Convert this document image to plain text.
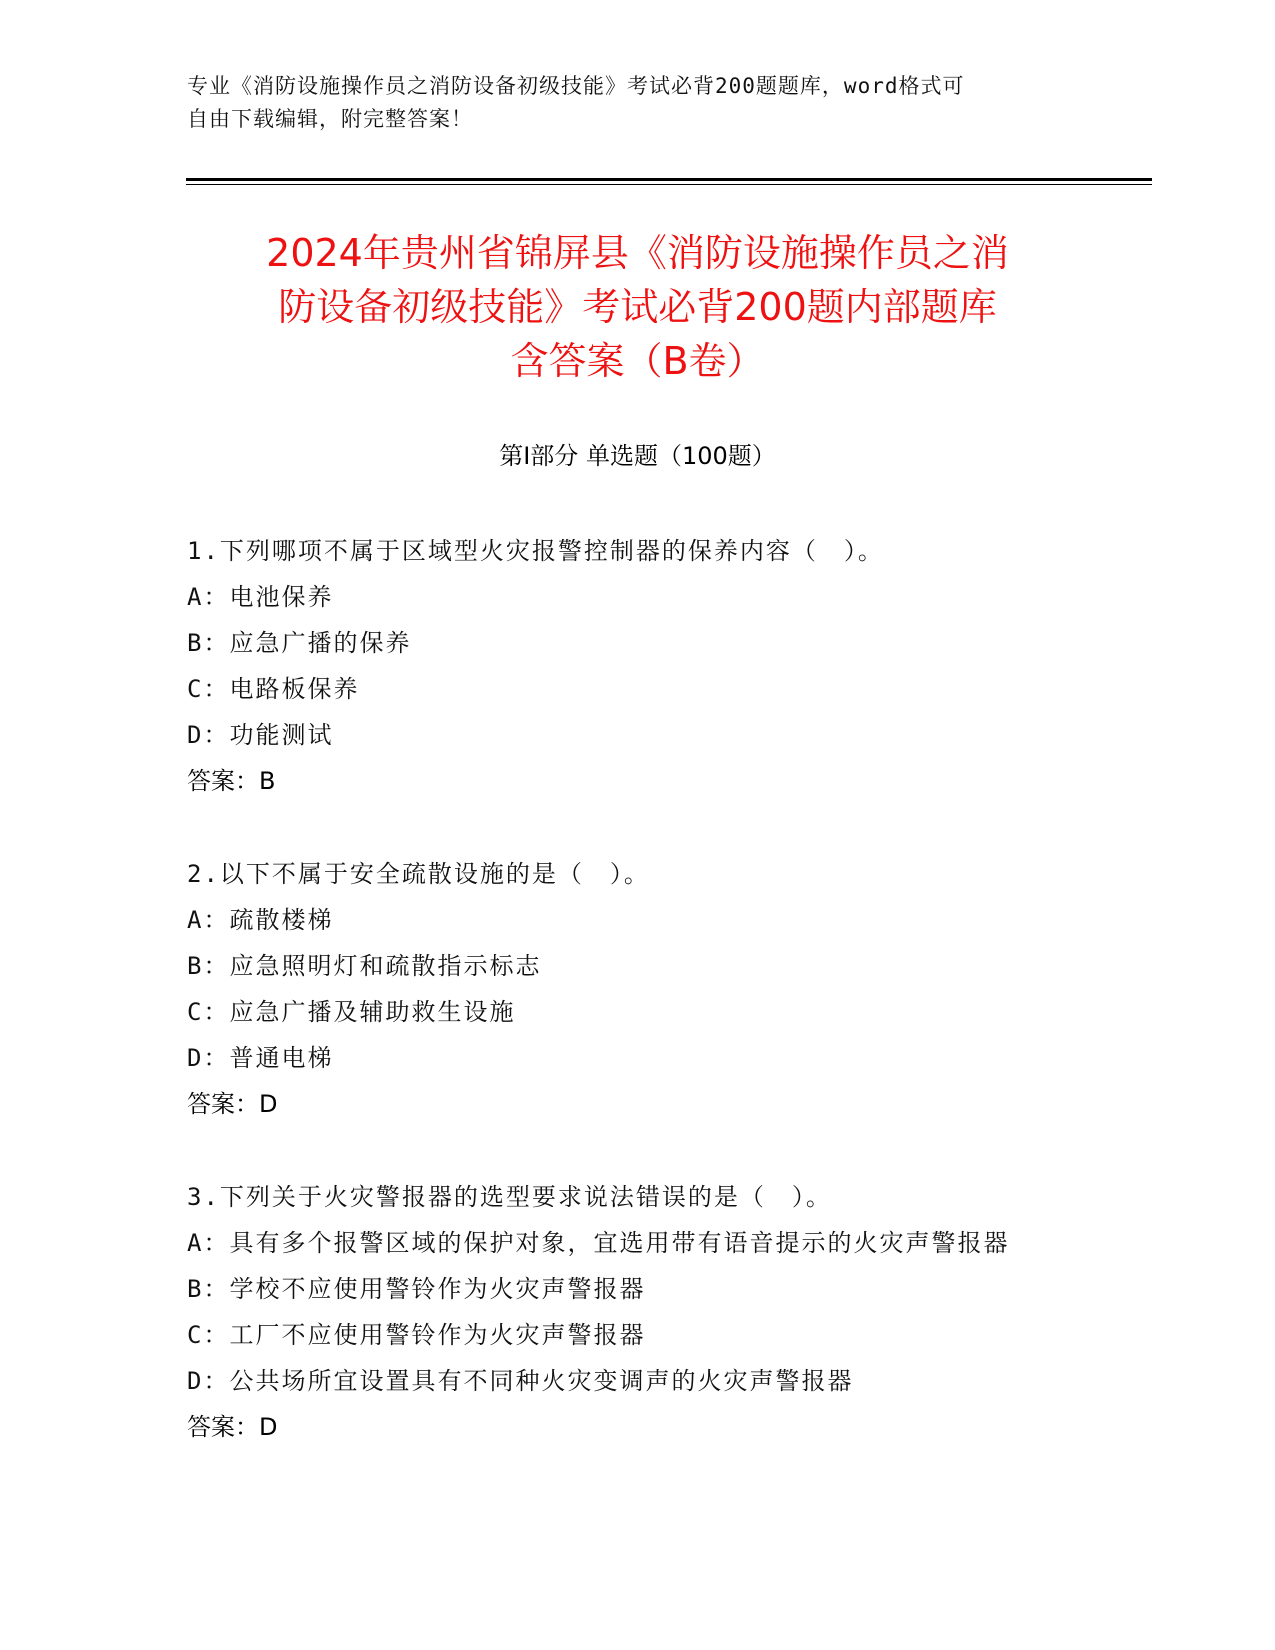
专业《消防设施操作员之消防设备初级技能》考试必背200题题库，word格式可
自由下载编辑，附完整答案！
2024年贵州省锦屏县《消防设施操作员之消
防设备初级技能》考试必背200题内部题库
含答案（B卷）
第Ⅰ部分 单选题（100题）
1.下列哪项不属于区域型火灾报警控制器的保养内容（　）。
A：电池保养
B：应急广播的保养
C：电路板保养
D：功能测试
答案：B
2.以下不属于安全疏散设施的是（　）。
A：疏散楼梯
B：应急照明灯和疏散指示标志
C：应急广播及辅助救生设施
D：普通电梯
答案：D
3.下列关于火灾警报器的选型要求说法错误的是（　）。
A：具有多个报警区域的保护对象，宜选用带有语音提示的火灾声警报器
B：学校不应使用警铃作为火灾声警报器
C：工厂不应使用警铃作为火灾声警报器
D：公共场所宜设置具有不同种火灾变调声的火灾声警报器
答案：D
